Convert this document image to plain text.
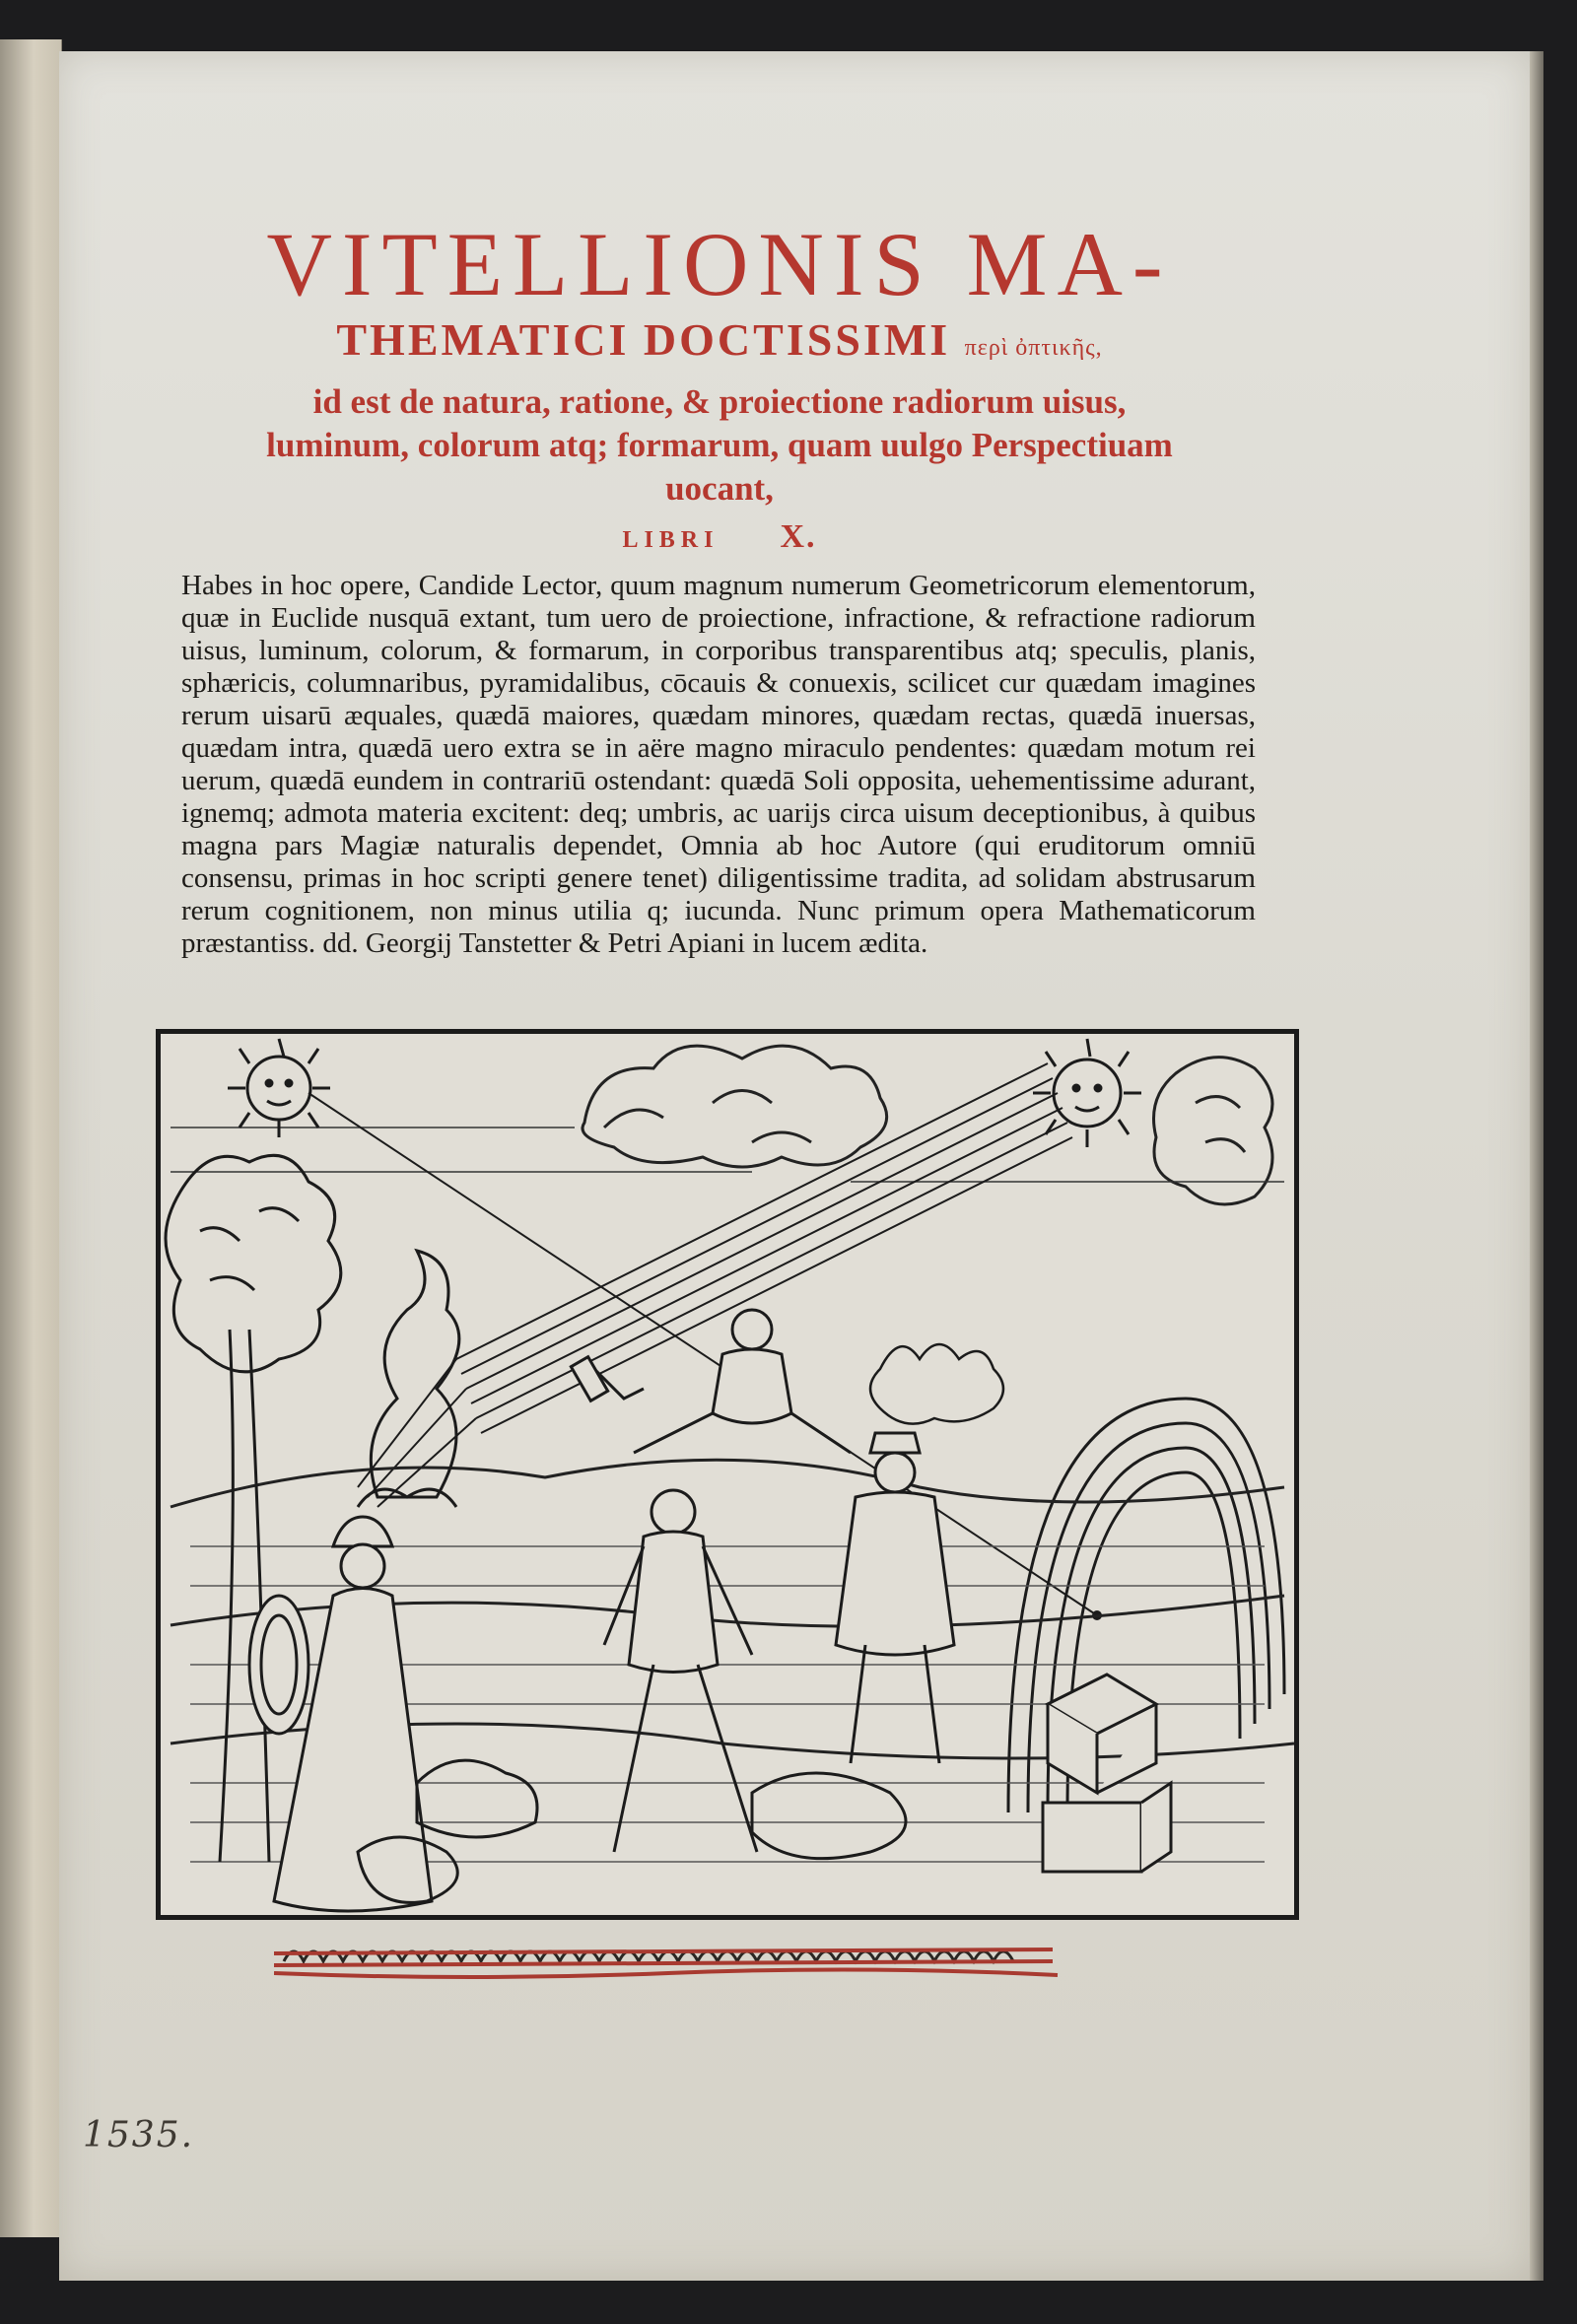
VITELLIONIS MA-

THEMATICI DOCTISSIMI περὶ ὀπτικῆς,

id est de natura, ratione, & proiectione radiorum uisus, luminum, colorum atq; formarum, quam uulgo Perspectiuam uocant,

LIBRI X.

Habes in hoc opere, Candide Lector, quum magnum numerum Geometricorum elementorum, quæ in Euclide nusquā extant, tum uero de proiectione, infractione, & refractione radiorum uisus, luminum, colorum, & formarum, in corporibus transparentibus atq; speculis, planis, sphæricis, columnaribus, pyramidalibus, cōcauis & conuexis, scilicet cur quædam imagines rerum uisarū æquales, quædā maiores, quædam minores, quædam rectas, quædā inuersas, quædam intra, quædā uero extra se in aëre magno miraculo pendentes: quædam motum rei uerum, quædā eundem in contrariū ostendant: quædā Soli opposita, uehementissime adurant, ignemq; admota materia excitent: deq; umbris, ac uarijs circa uisum deceptionibus, à quibus magna pars Magiæ naturalis dependet, Omnia ab hoc Autore (qui eruditorum omniū consensu, primas in hoc scripti genere tenet) diligentissime tradita, ad solidam abstrusarum rerum cognitionem, non minus utilia q; iucunda. Nunc primum opera Mathematicorum præstantiss. dd. Georgij Tanstetter & Petri Apiani in lucem ædita.

1535.
